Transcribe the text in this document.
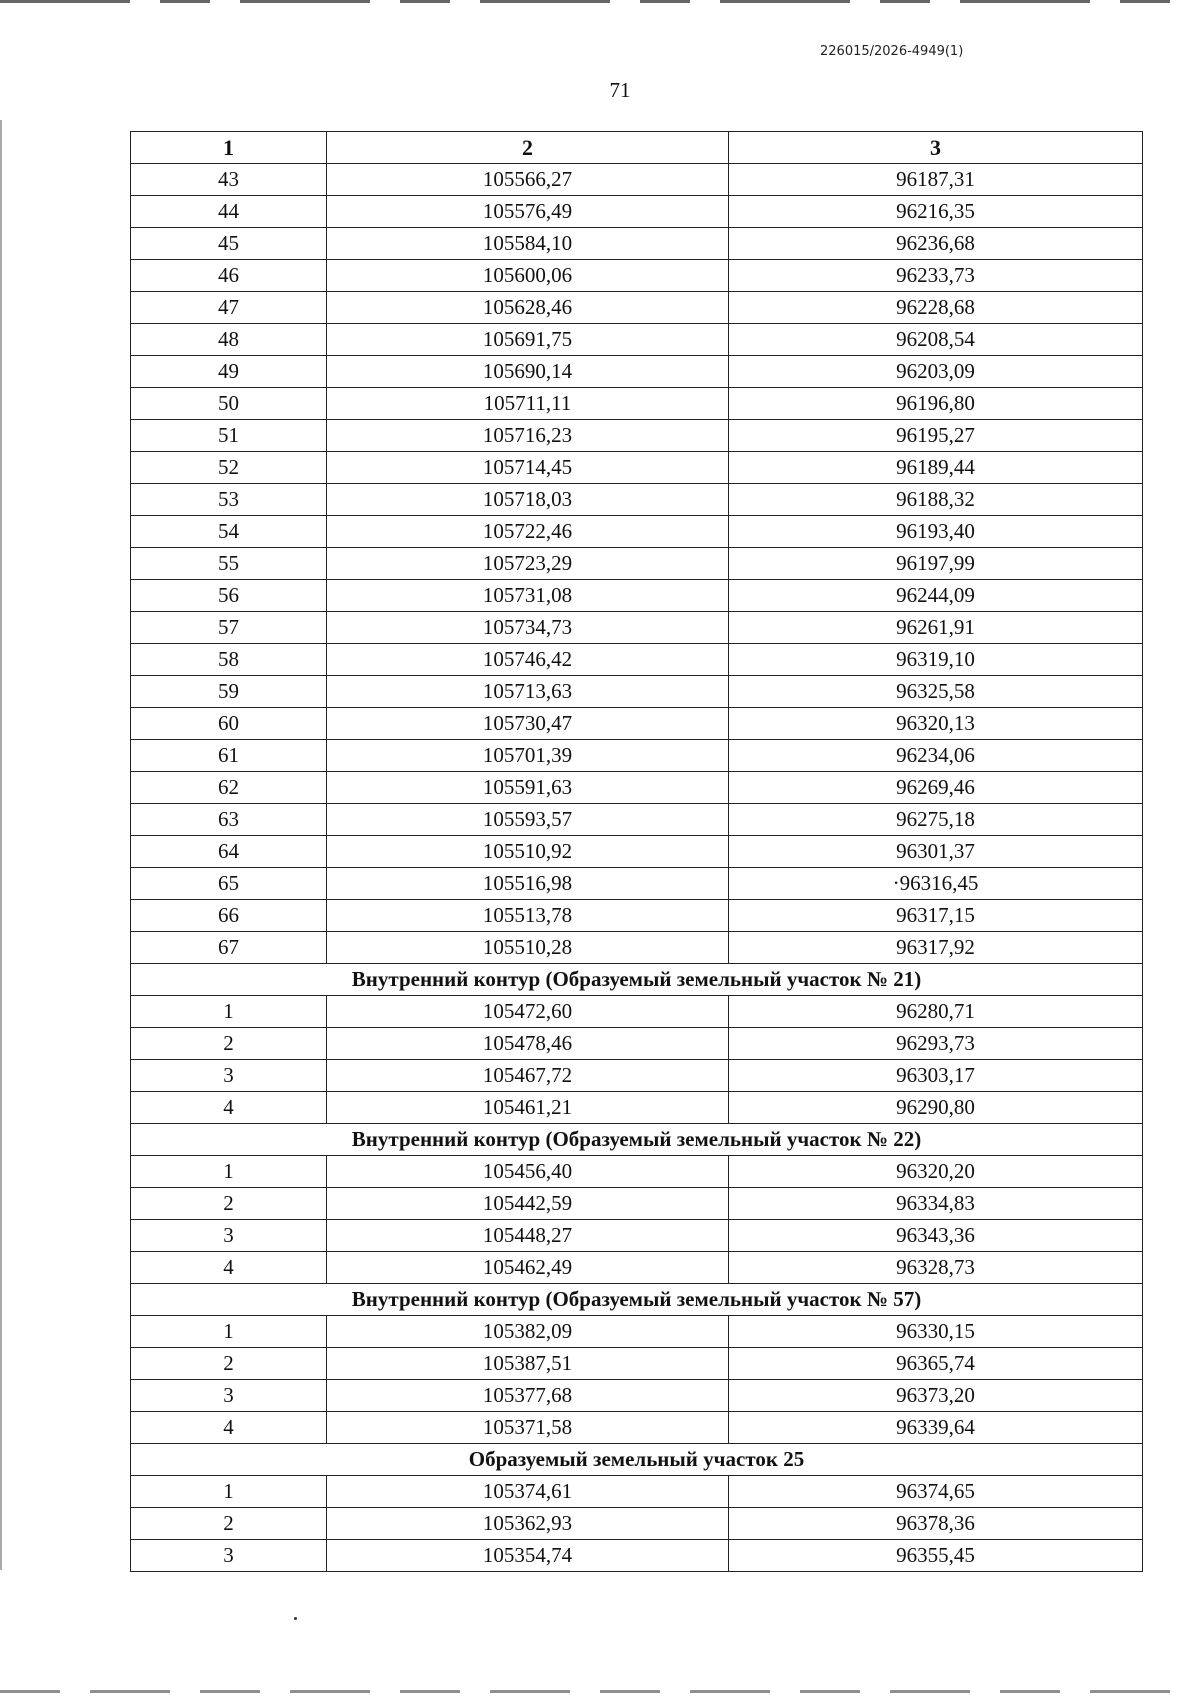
226015/2026-4949(1)
71
1	2	3
43	105566,27	96187,31
44	105576,49	96216,35
45	105584,10	96236,68
46	105600,06	96233,73
47	105628,46	96228,68
48	105691,75	96208,54
49	105690,14	96203,09
50	105711,11	96196,80
51	105716,23	96195,27
52	105714,45	96189,44
53	105718,03	96188,32
54	105722,46	96193,40
55	105723,29	96197,99
56	105731,08	96244,09
57	105734,73	96261,91
58	105746,42	96319,10
59	105713,63	96325,58
60	105730,47	96320,13
61	105701,39	96234,06
62	105591,63	96269,46
63	105593,57	96275,18
64	105510,92	96301,37
65	105516,98	·96316,45
66	105513,78	96317,15
67	105510,28	96317,92
Внутренний контур (Образуемый земельный участок № 21)		
1	105472,60	96280,71
2	105478,46	96293,73
3	105467,72	96303,17
4	105461,21	96290,80
Внутренний контур (Образуемый земельный участок № 22)		
1	105456,40	96320,20
2	105442,59	96334,83
3	105448,27	96343,36
4	105462,49	96328,73
Внутренний контур (Образуемый земельный участок № 57)		
1	105382,09	96330,15
2	105387,51	96365,74
3	105377,68	96373,20
4	105371,58	96339,64
Образуемый земельный участок 25		
1	105374,61	96374,65
2	105362,93	96378,36
3	105354,74	96355,45
